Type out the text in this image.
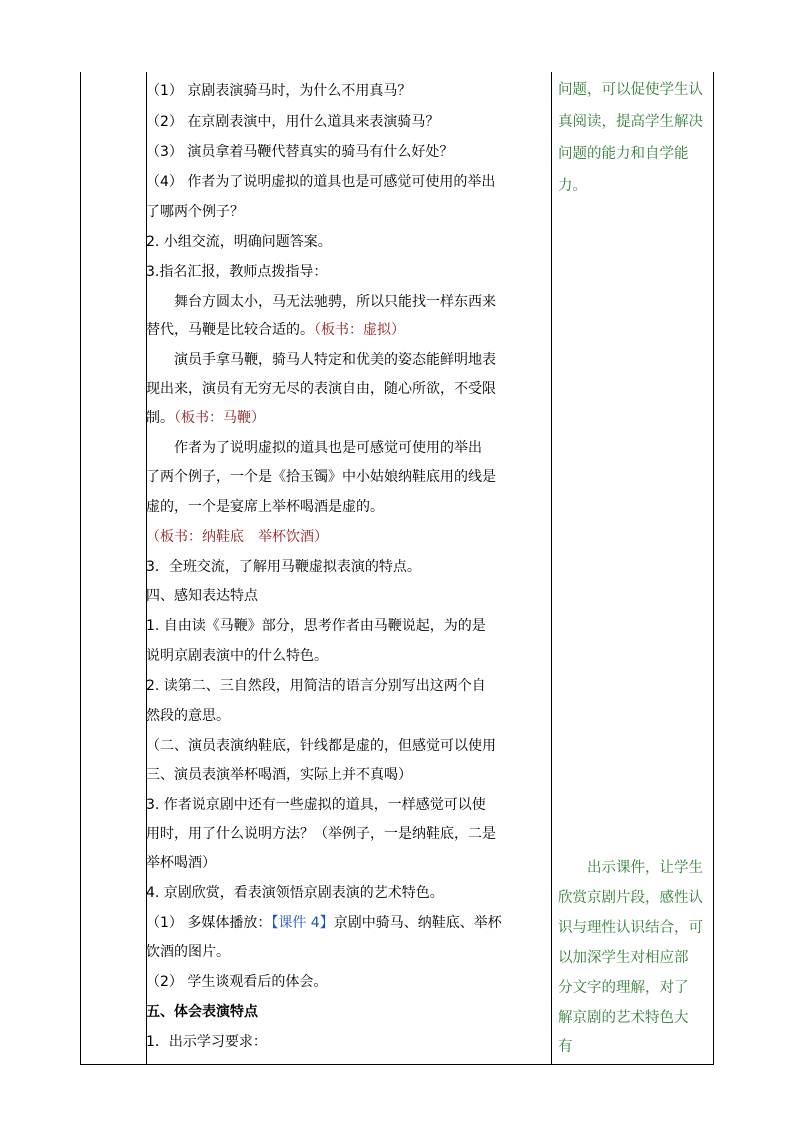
（1） 京剧表演骑马时，为什么不用真马？
（2） 在京剧表演中，用什么道具来表演骑马？
（3） 演员拿着马鞭代替真实的骑马有什么好处？
（4） 作者为了说明虚拟的道具也是可感觉可使用的举出
了哪两个例子？
2. 小组交流，明确问题答案。
3.指名汇报，教师点拨指导：
　　舞台方圆太小，马无法驰骋，所以只能找一样东西来
替代，马鞭是比较合适的。（板书：虚拟）
　　演员手拿马鞭，骑马人特定和优美的姿态能鲜明地表
现出来，演员有无穷无尽的表演自由，随心所欲，不受限
制。（板书：马鞭）
　　作者为了说明虚拟的道具也是可感觉可使用的举出
了两个例子，一个是《拾玉镯》中小姑娘纳鞋底用的线是
虚的，一个是宴席上举杯喝酒是虚的。
（板书：纳鞋底　举杯饮酒）
3．全班交流，了解用马鞭虚拟表演的特点。
四、感知表达特点
1. 自由读《马鞭》部分，思考作者由马鞭说起，为的是
说明京剧表演中的什么特色。
2. 读第二、三自然段，用简洁的语言分别写出这两个自
然段的意思。
（二、演员表演纳鞋底，针线都是虚的，但感觉可以使用
三、演员表演举杯喝酒，实际上并不真喝）
3. 作者说京剧中还有一些虚拟的道具，一样感觉可以使
用时，用了什么说明方法？（举例子，一是纳鞋底，二是
举杯喝酒）
4. 京剧欣赏，看表演领悟京剧表演的艺术特色。
（1） 多媒体播放：【课件 4】京剧中骑马、纳鞋底、举杯
饮酒的图片。
（2） 学生谈观看后的体会。
五、体会表演特点
1．出示学习要求：
问题，可以促使学生认
真阅读，提高学生解决
问题的能力和自学能
力。
　　出示课件，让学生
欣赏京剧片段，感性认
识与理性认识结合，可
以加深学生对相应部
分文字的理解，对了
解京剧的艺术特色大
有
